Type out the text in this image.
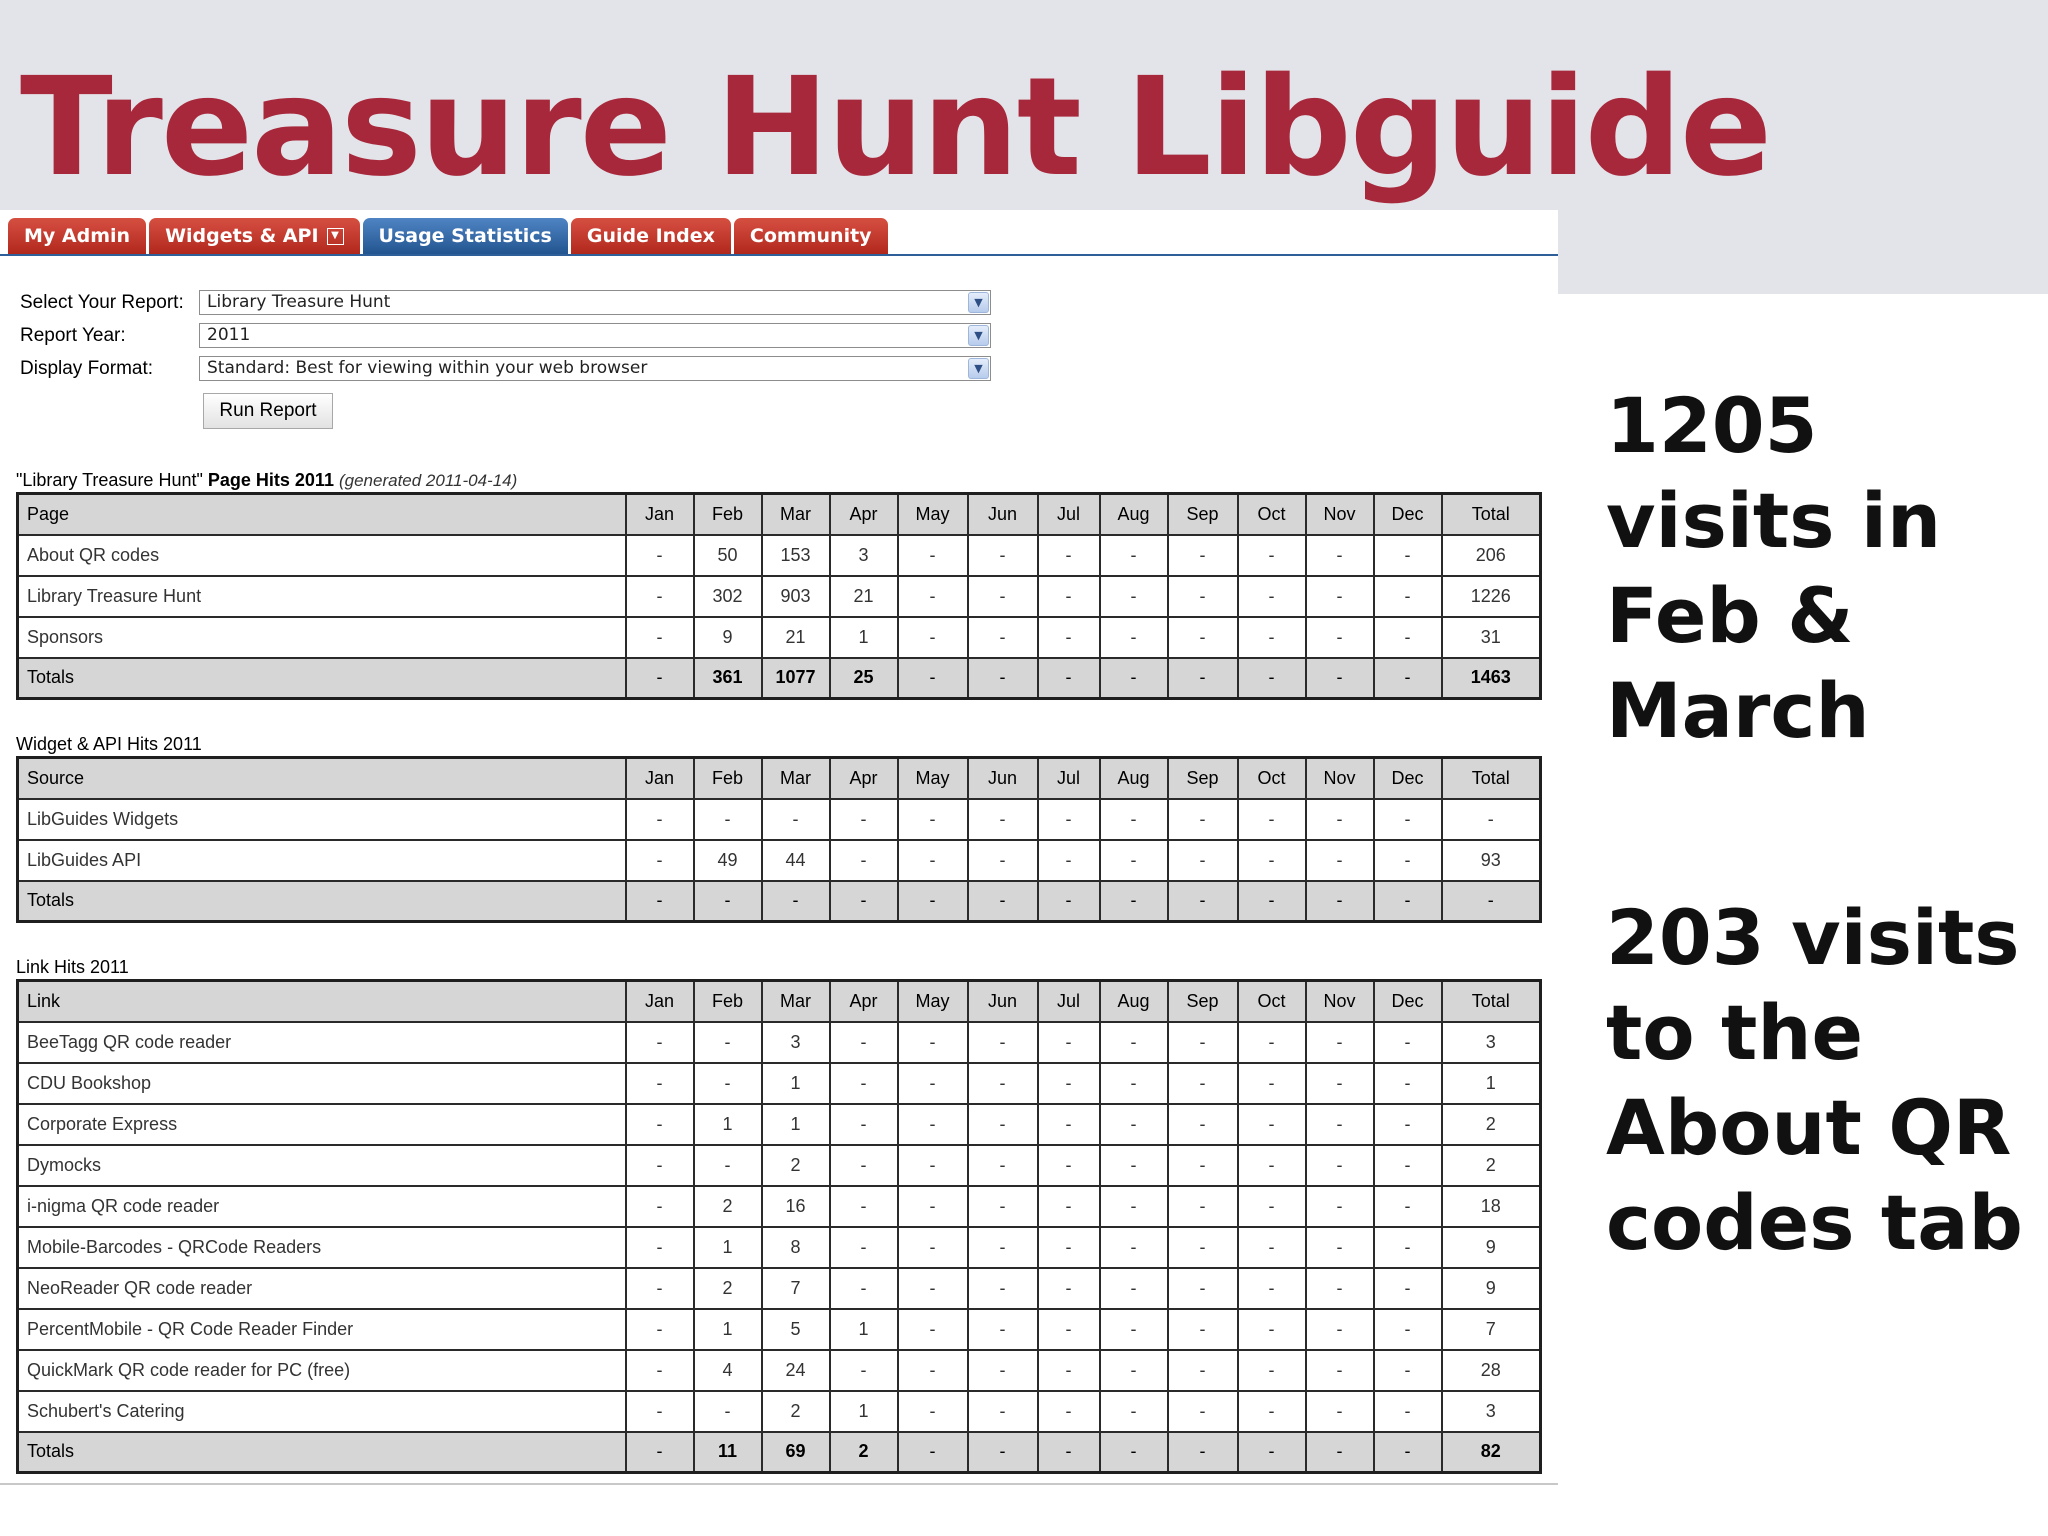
Treasure Hunt Libguide
My Admin Widgets & API	▼ Usage Statistics Guide Index Community
Select Your Report:	Library Treasure Hunt	▼
Report Year:	2011	▼
Display Format:	Standard: Best for viewing within your web browser	▼
Run Report
"Library Treasure Hunt" Page Hits 2011 (generated 2011-04-14)
Page	Jan	Feb	Mar	Apr	May	Jun	Jul	Aug	Sep	Oct	Nov	Dec	Total
About QR codes	-	50	153	3	-	-	-	-	-	-	-	-	206
Library Treasure Hunt	-	302	903	21	-	-	-	-	-	-	-	-	1226
Sponsors	-	9	21	1	-	-	-	-	-	-	-	-	31
Totals	-	361	1077	25	-	-	-	-	-	-	-	-	1463
Widget & API Hits 2011
Source	Jan	Feb	Mar	Apr	May	Jun	Jul	Aug	Sep	Oct	Nov	Dec	Total
LibGuides Widgets	-	-	-	-	-	-	-	-	-	-	-	-	-
LibGuides API	-	49	44	-	-	-	-	-	-	-	-	-	93
Totals	-	-	-	-	-	-	-	-	-	-	-	-	-
Link Hits 2011
Link	Jan	Feb	Mar	Apr	May	Jun	Jul	Aug	Sep	Oct	Nov	Dec	Total
BeeTagg QR code reader	-	-	3	-	-	-	-	-	-	-	-	-	3
CDU Bookshop	-	-	1	-	-	-	-	-	-	-	-	-	1
Corporate Express	-	1	1	-	-	-	-	-	-	-	-	-	2
Dymocks	-	-	2	-	-	-	-	-	-	-	-	-	2
i-nigma QR code reader	-	2	16	-	-	-	-	-	-	-	-	-	18
Mobile-Barcodes - QRCode Readers	-	1	8	-	-	-	-	-	-	-	-	-	9
NeoReader QR code reader	-	2	7	-	-	-	-	-	-	-	-	-	9
PercentMobile - QR Code Reader Finder	-	1	5	1	-	-	-	-	-	-	-	-	7
QuickMark QR code reader for PC (free)	-	4	24	-	-	-	-	-	-	-	-	-	28
Schubert's Catering	-	-	2	1	-	-	-	-	-	-	-	-	3
Totals	-	11	69	2	-	-	-	-	-	-	-	-	82
1205 visits in Feb & March
203 visits to the About QR codes tab
